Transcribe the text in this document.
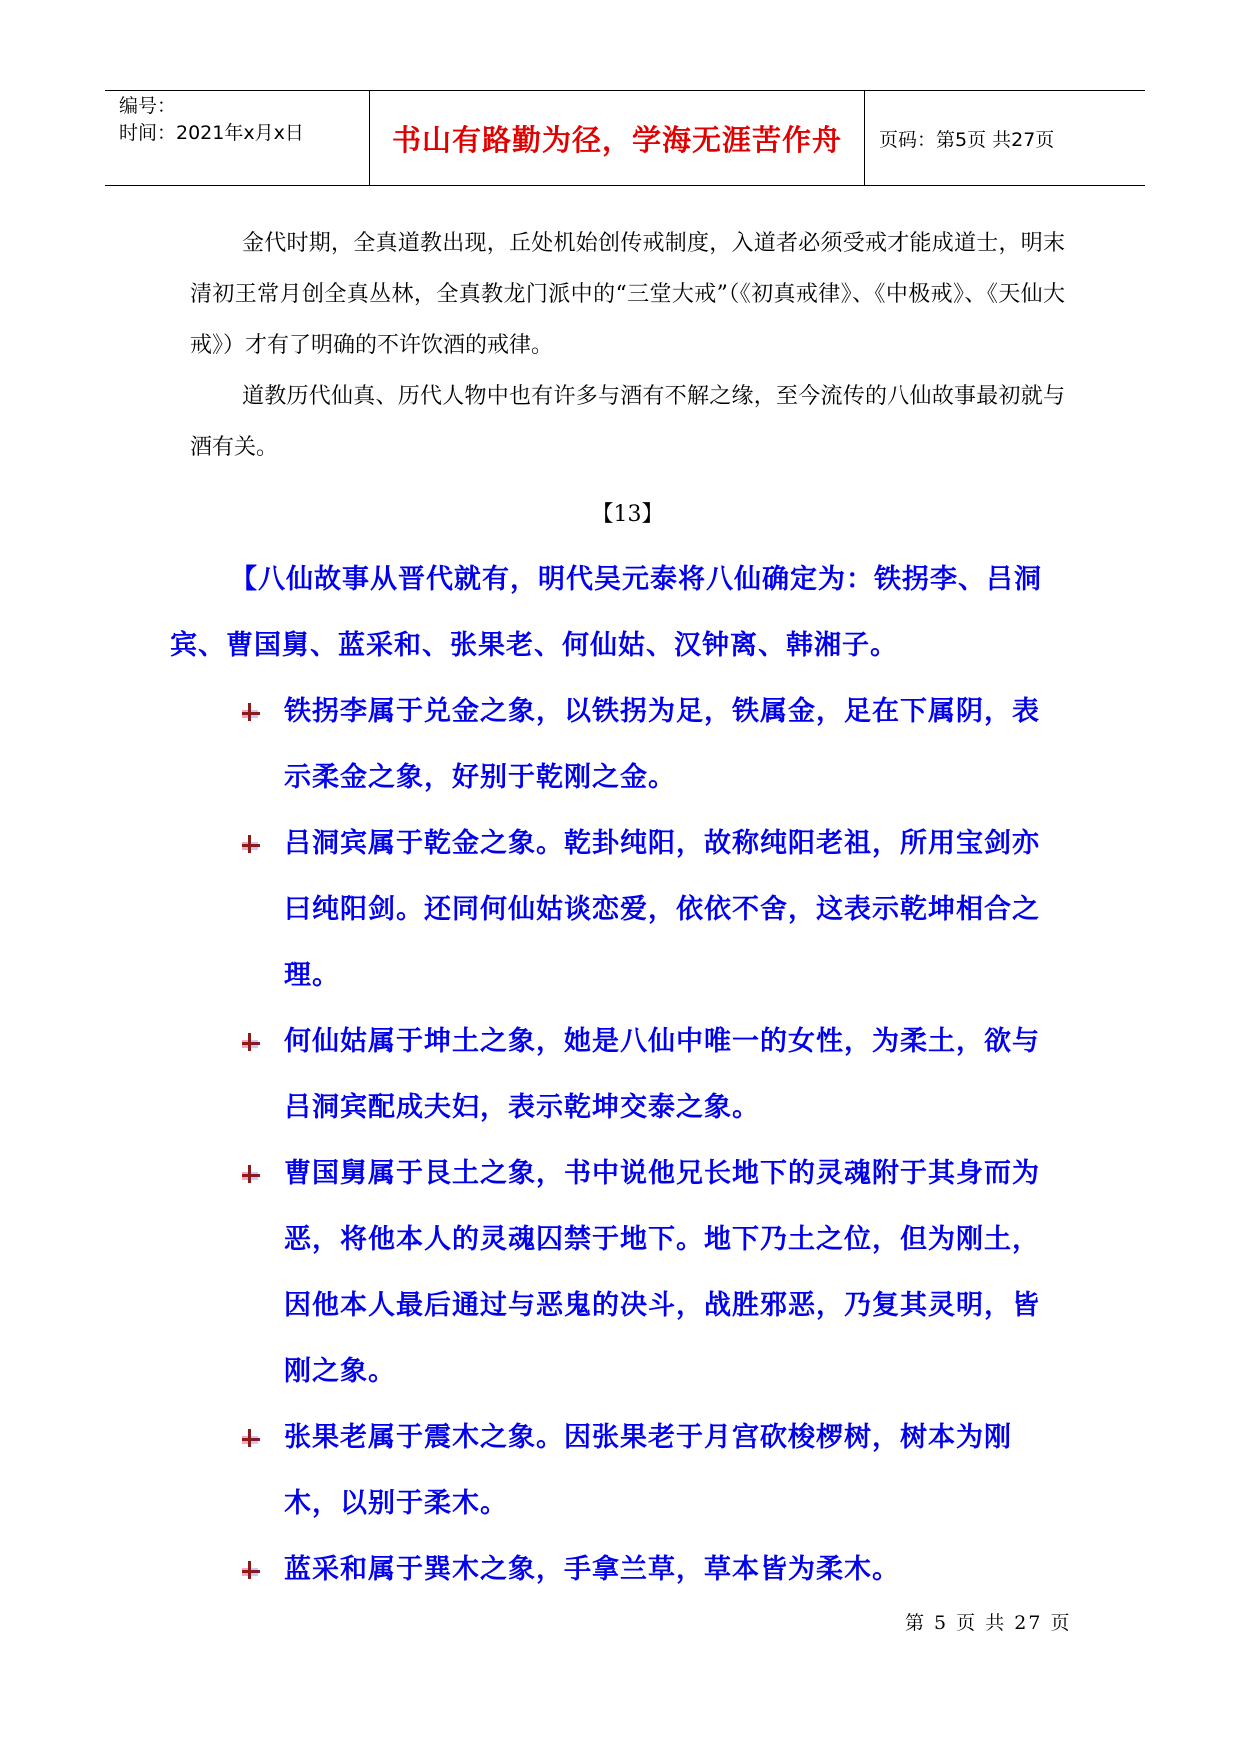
编号：
时间：2021年x月x日	书山有路勤为径，学海无涯苦作舟	页码：第5页 共27页

金代时期，全真道教出现，丘处机始创传戒制度，入道者必须受戒才能成道士，明末清初王常月创全真丛林，全真教龙门派中的“三堂大戒”（《初真戒律》、《中极戒》、《天仙大戒》）才有了明确的不许饮酒的戒律。

道教历代仙真、历代人物中也有许多与酒有不解之缘，至今流传的八仙故事最初就与酒有关。

【13】

【八仙故事从晋代就有，明代吴元泰将八仙确定为：铁拐李、吕洞宾、曹国舅、蓝采和、张果老、何仙姑、汉钟离、韩湘子。

铁拐李属于兑金之象，以铁拐为足，铁属金，足在下属阴，表示柔金之象，好别于乾刚之金。
吕洞宾属于乾金之象。乾卦纯阳，故称纯阳老祖，所用宝剑亦曰纯阳剑。还同何仙姑谈恋爱，依依不舍，这表示乾坤相合之理。
何仙姑属于坤土之象，她是八仙中唯一的女性，为柔土，欲与吕洞宾配成夫妇，表示乾坤交泰之象。
曹国舅属于艮土之象，书中说他兄长地下的灵魂附于其身而为恶，将他本人的灵魂囚禁于地下。地下乃土之位，但为刚土，因他本人最后通过与恶鬼的决斗，战胜邪恶，乃复其灵明，皆刚之象。
张果老属于震木之象。因张果老于月宫砍梭椤树，树本为刚木，以别于柔木。
蓝采和属于巽木之象，手拿兰草，草本皆为柔木。
第 5 页 共 27 页
